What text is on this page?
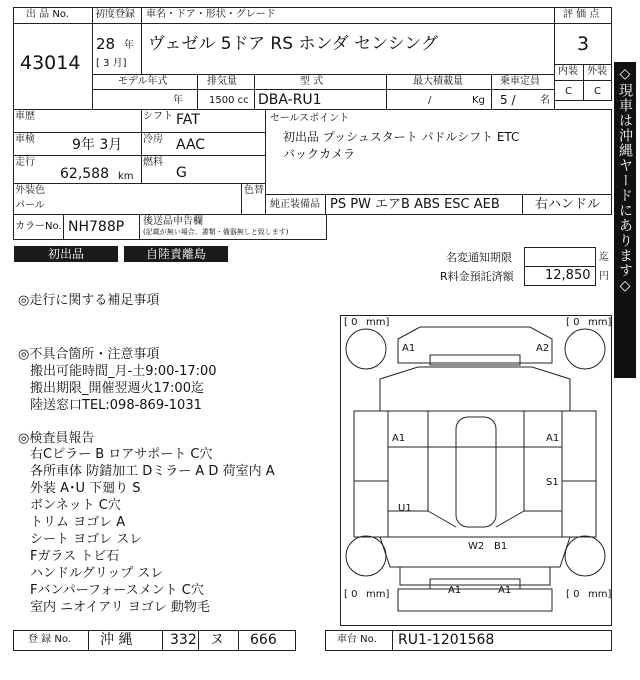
出 品 No.
43014
初度登録 車名・ドア・形状・グレード
28 年
[ 3 月]
ヴェゼル 5ドア RS ホンダ センシング
評 価 点
3
内装 外装
C C
モデル年式	排気量	型 式	最大積載量	乗車定員
年	1500 cc DBA-RU1	/	Kg 5 / 名
車歴	シフト FAT
車検	9年 3月 冷房 AAC
走行
62,588 km
燃料
G
外装色
パール
色替
セールスポイント
初出品 プッシュスタート パドルシフト ETC
バックカメラ
純正装備品 PS PW エアB ABS ESC AEB	右ハンドル
カラーNo. NH788P 後送品申告欄
(記載が無い場合、書類・備器無しと致します)
初出品	自陸責離島	名変通知期限	迄
R料金預託済額 12,850 円 ◇現車は沖縄ヤードにあります◇
◎走行に関する補足事項
◎不具合箇所・注意事項
搬出可能時間_月-土9:00-17:00
搬出期限_開催翌週火17:00迄
陸送窓口TEL:098-869-1031
◎検査員報告
右Cピラー B ロアサポート C穴
各所車体 防錆加工 Dミラー A D 荷室内 A
外装 A･U 下廻り S
ボンネット C穴
トリム ヨゴレ A
シート ヨゴレ スレ
Fガラス トビ石
ハンドルグリップ スレ
Fバンパーフォースメント C穴
室内 ニオイアリ ヨゴレ 動物毛
[ 0 mm]	[ 0 mm]
[ 0 mm]	[ 0 mm]
A1	A2
A1	A1
S1
U1
W2 B1
A1	A1
登 録 No. 沖 縄	332 ヌ 666	車台 No. RU1-1201568
